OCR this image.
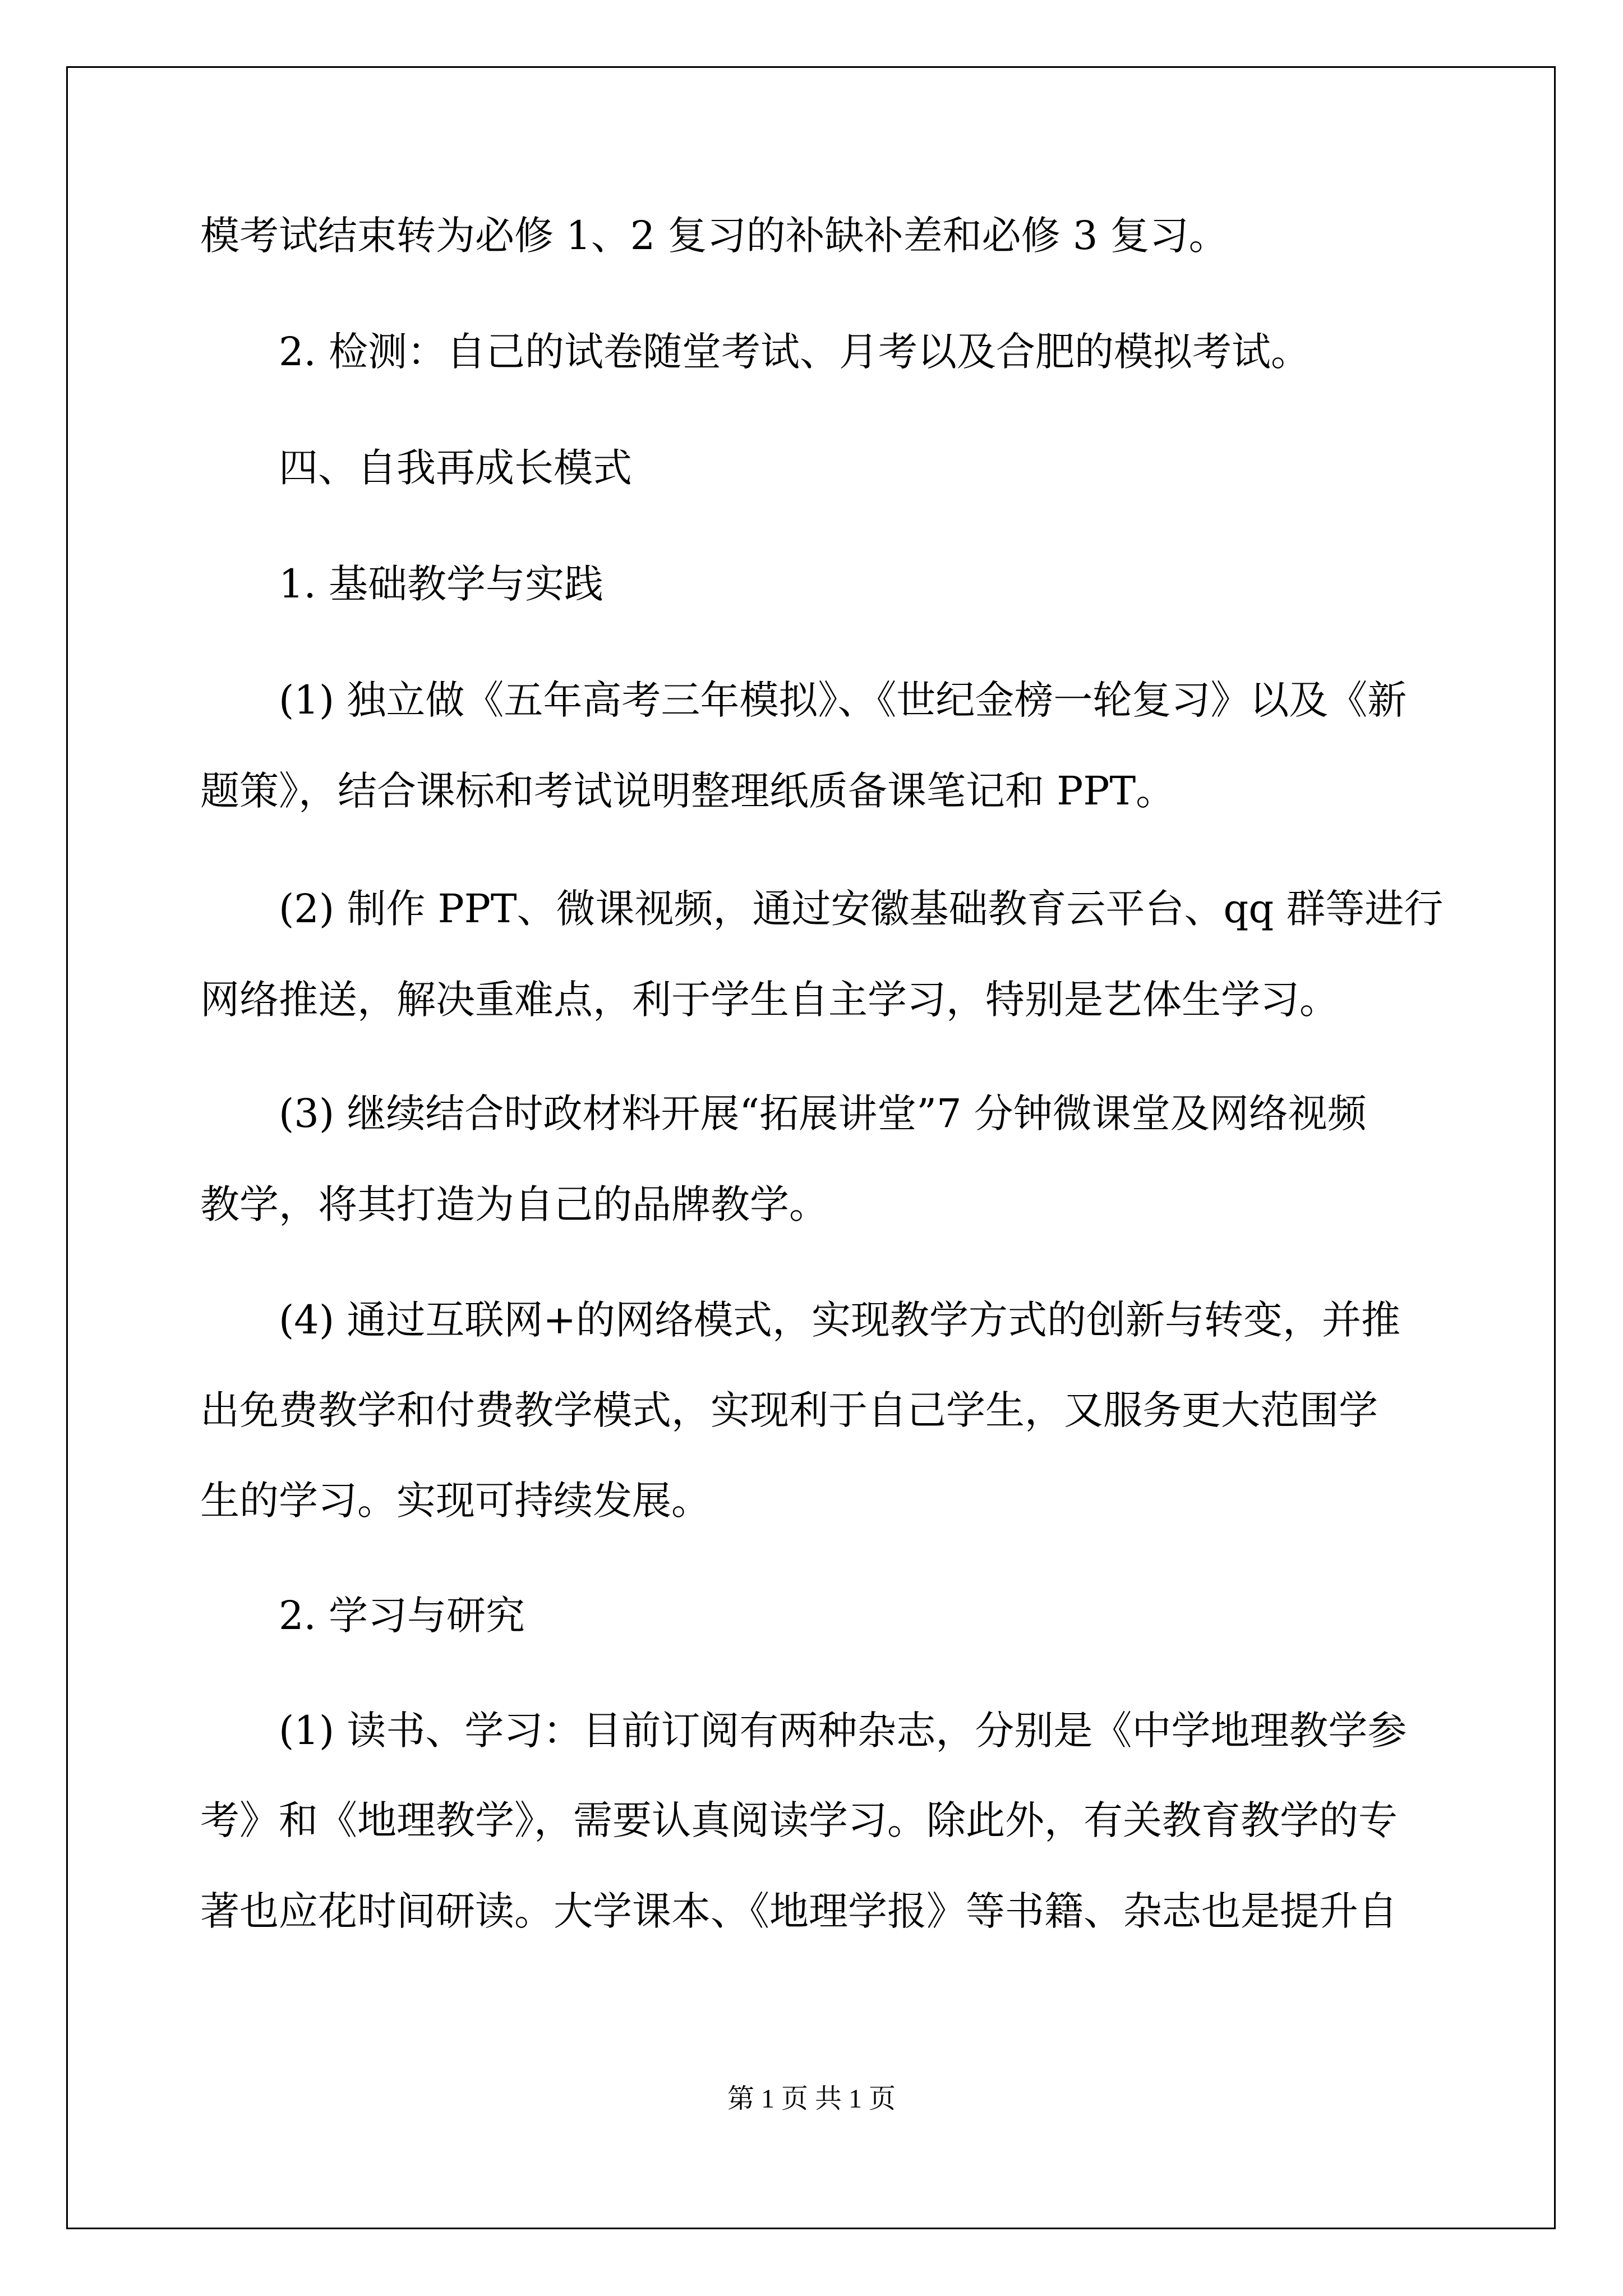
模考试结束转为必修 1、2 复习的补缺补差和必修 3 复习。

2. 检测：自己的试卷随堂考试、月考以及合肥的模拟考试。

四、自我再成长模式

1. 基础教学与实践

(1) 独立做《五年高考三年模拟》、《世纪金榜一轮复习》以及《新

题策》，结合课标和考试说明整理纸质备课笔记和 PPT。

(2) 制作 PPT、微课视频，通过安徽基础教育云平台、qq 群等进行

网络推送，解决重难点，利于学生自主学习，特别是艺体生学习。

(3) 继续结合时政材料开展“拓展讲堂”7 分钟微课堂及网络视频

教学，将其打造为自己的品牌教学。

(4) 通过互联网+的网络模式，实现教学方式的创新与转变，并推

出免费教学和付费教学模式，实现利于自己学生，又服务更大范围学

生的学习。实现可持续发展。

2. 学习与研究

(1) 读书、学习：目前订阅有两种杂志，分别是《中学地理教学参

考》和《地理教学》，需要认真阅读学习。除此外，有关教育教学的专

著也应花时间研读。大学课本、《地理学报》等书籍、杂志也是提升自

第 1 页 共 1 页
